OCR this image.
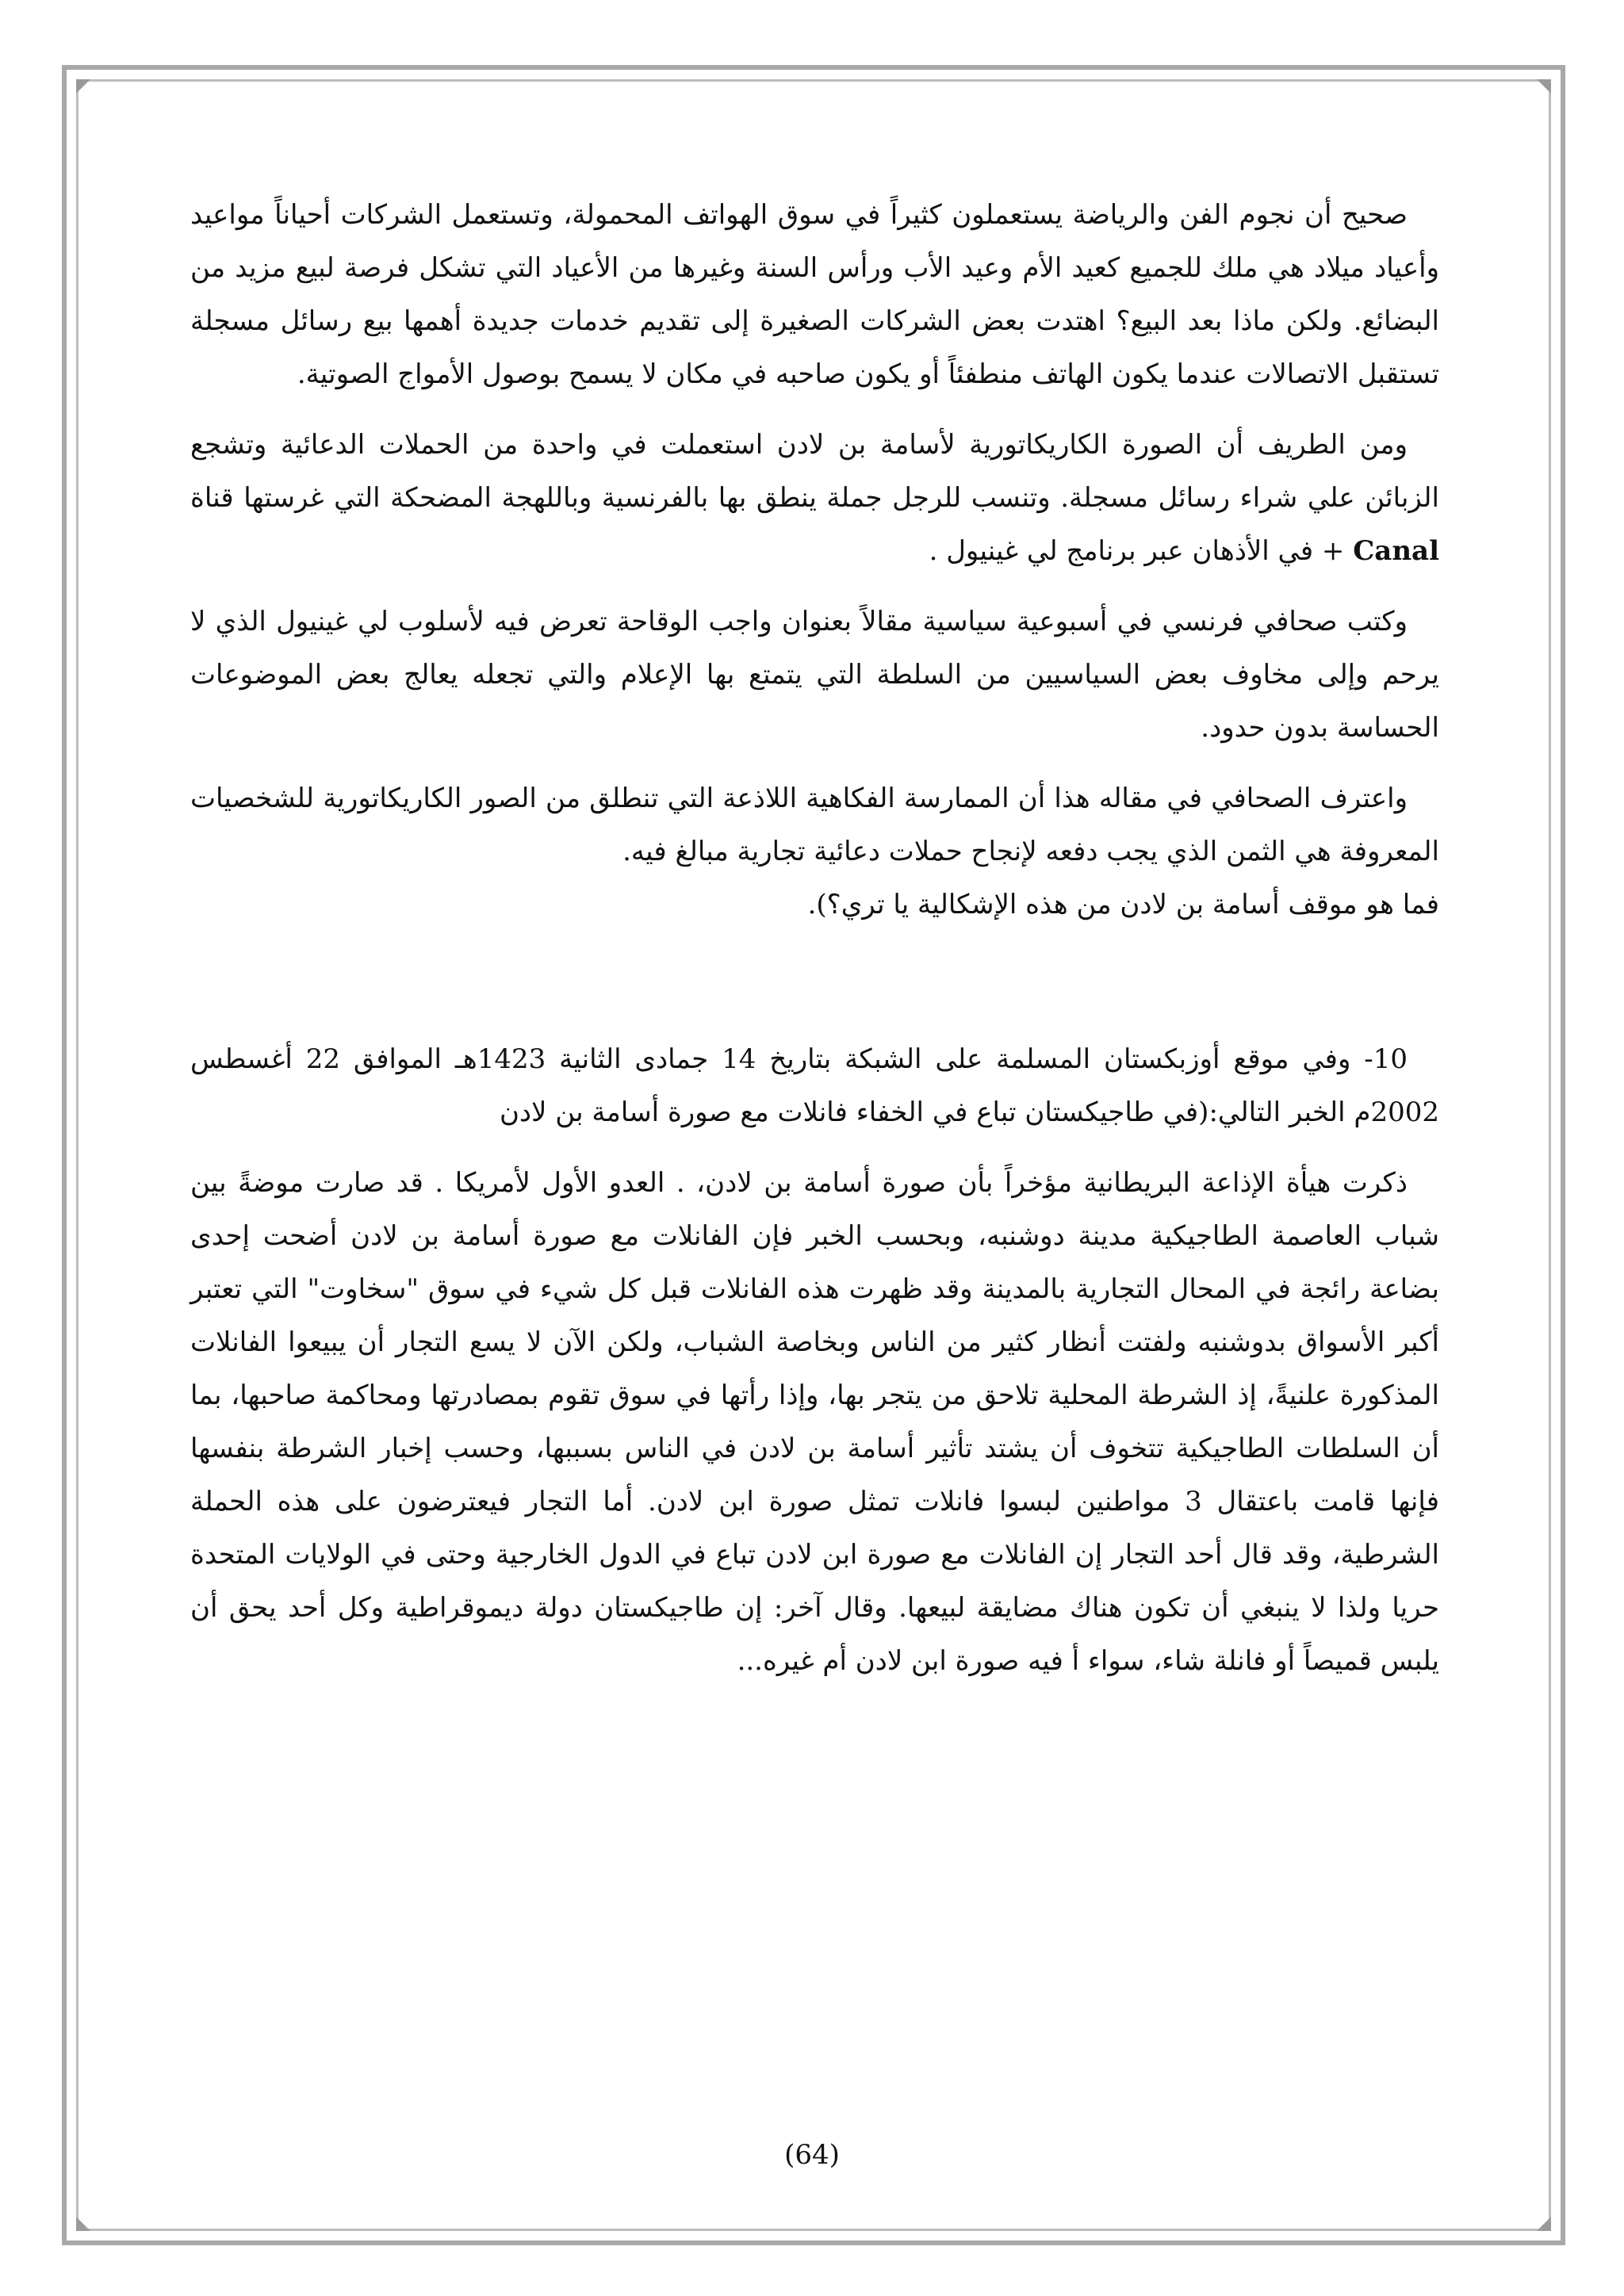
صحيح أن نجوم الفن والرياضة يستعملون كثيراً في سوق الهواتف المحمولة، وتستعمل الشركات أحياناً مواعيد وأعياد ميلاد هي ملك للجميع كعيد الأم وعيد الأب ورأس السنة وغيرها من الأعياد التي تشكل فرصة لبيع مزيد من البضائع. ولكن ماذا بعد البيع؟ اهتدت بعض الشركات الصغيرة إلى تقديم خدمات جديدة أهمها بيع رسائل مسجلة تستقبل الاتصالات عندما يكون الهاتف منطفئاً أو يكون صاحبه في مكان لا يسمح بوصول الأمواج الصوتية.

ومن الطريف أن الصورة الكاريكاتورية لأسامة بن لادن استعملت في واحدة من الحملات الدعائية وتشجع الزبائن علي شراء رسائل مسجلة. وتنسب للرجل جملة ينطق بها بالفرنسية وباللهجة المضحكة التي غرستها قناة Canal + في الأذهان عبر برنامج لي غينيول .

وكتب صحافي فرنسي في أسبوعية سياسية مقالاً بعنوان واجب الوقاحة تعرض فيه لأسلوب لي غينيول الذي لا يرحم وإلى مخاوف بعض السياسيين من السلطة التي يتمتع بها الإعلام والتي تجعله يعالج بعض الموضوعات الحساسة بدون حدود.

واعترف الصحافي في مقاله هذا أن الممارسة الفكاهية اللاذعة التي تنطلق من الصور الكاريكاتورية للشخصيات المعروفة هي الثمن الذي يجب دفعه لإنجاح حملات دعائية تجارية مبالغ فيه.

فما هو موقف أسامة بن لادن من هذه الإشكالية يا تري؟).

10- وفي موقع أوزبكستان المسلمة على الشبكة بتاريخ 14 جمادى الثانية 1423هـ الموافق 22 أغسطس 2002م الخبر التالي:(في طاجيكستان تباع في الخفاء فانلات مع صورة أسامة بن لادن

ذكرت هيأة الإذاعة البريطانية مؤخراً بأن صورة أسامة بن لادن، . العدو الأول لأمريكا . قد صارت موضةً بين شباب العاصمة الطاجيكية مدينة دوشنبه، وبحسب الخبر فإن الفانلات مع صورة أسامة بن لادن أضحت إحدى بضاعة رائجة في المحال التجارية بالمدينة وقد ظهرت هذه الفانلات قبل كل شيء في سوق "سخاوت" التي تعتبر أكبر الأسواق بدوشنبه ولفتت أنظار كثير من الناس وبخاصة الشباب، ولكن الآن لا يسع التجار أن يبيعوا الفانلات المذكورة علنيةً، إذ الشرطة المحلية تلاحق من يتجر بها، وإذا رأتها في سوق تقوم بمصادرتها ومحاكمة صاحبها، بما أن السلطات الطاجيكية تتخوف أن يشتد تأثير أسامة بن لادن في الناس بسببها، وحسب إخبار الشرطة بنفسها فإنها قامت باعتقال 3 مواطنين لبسوا فانلات تمثل صورة ابن لادن. أما التجار فيعترضون على هذه الحملة الشرطية، وقد قال أحد التجار إن الفانلات مع صورة ابن لادن تباع في الدول الخارجية وحتى في الولايات المتحدة حريا ولذا لا ينبغي أن تكون هناك مضايقة لبيعها. وقال آخر: إن طاجيكستان دولة ديموقراطية وكل أحد يحق أن يلبس قميصاً أو فانلة شاء، سواء أ فيه صورة ابن لادن أم غيره...

(64)
